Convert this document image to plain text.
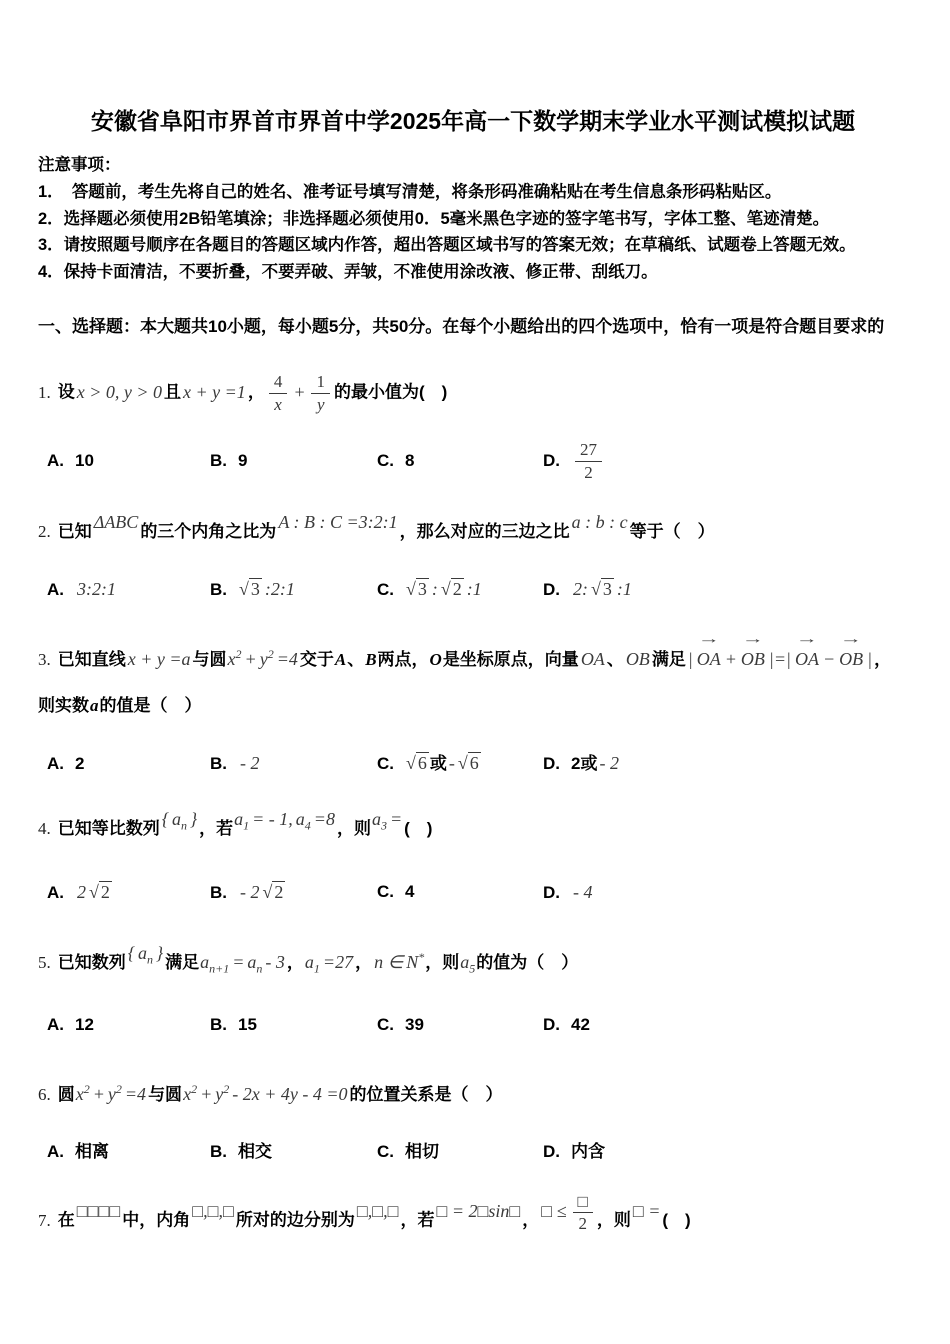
安徽省阜阳市界首市界首中学2025年高一下数学期末学业水平测试模拟试题
注意事项：
1．　答题前，考生先将自己的姓名、准考证号填写清楚，将条形码准确粘贴在考生信息条形码粘贴区。
2．选择题必须使用2B铅笔填涂；非选择题必须使用0．5毫米黑色字迹的签字笔书写，字体工整、笔迹清楚。
3．请按照题号顺序在各题目的答题区域内作答，超出答题区域书写的答案无效；在草稿纸、试题卷上答题无效。
4．保持卡面清洁，不要折叠，不要弄破、弄皱，不准使用涂改液、修正带、刮纸刀。
一、选择题：本大题共10小题，每小题5分，共50分。在每个小题给出的四个选项中，恰有一项是符合题目要求的
1. 设 x > 0, y > 0 且 x + y =1 ， $\frac{4}{x} + \frac{1}{y}$ 的最小值为(　)
A. 10	B. 9	C. 8	D. $\frac{27}{2}$
2. 已知 ΔABC 的三个内角之比为 A : B : C =3:2:1 ，那么对应的三边之比 a : b : c 等于（　）
A. 3:2:1	B. √ 3 :2:1	C. √ 3 : √ 2 :1	D. 2: √ 3 :1
3. 已知直线 x + y =a 与圆$x^2 + y^2 =4$ 交于A、B两点，O是坐标原点，向量 OA 、 OB 满足 |
→
OA +
→
OB |=|
→
OA −
→
OB | ，
则实数a的值是（　）
A. 2	B. - 2	C. √ 6 或 - √ 6	D. 2或 - 2
4. 已知等比数列 { $a_n$ } ，若$a_1$ = - 1, $a_4 =8$ ，则$a_3$ = (　)
A. 2 √ 2	B. - 2 √ 2	C. 4	D. - 4
5. 已知数列 { $a_n$ } 满足$a_{n+1} = a_n - 3$ ，$a_1 =27$ ， n ∈ N*，则$a_5$的值为（　）
A. 12	B. 15	C. 39	D. 42
6. 圆$x^2 + y^2 =4$ 与圆$x^2 + y^2 - 2x + 4y - 4 =0$ 的位置关系是（　）
A. 相离	B. 相交	C. 相切	D. 内含
7. 在 □□□□ 中，内角 □,□,□ 所对的边分别为 □,□,□ ，若 □ = 2□sin□ ， □ ≤ $\frac{□}{2}$ ，则 □ = (　)
